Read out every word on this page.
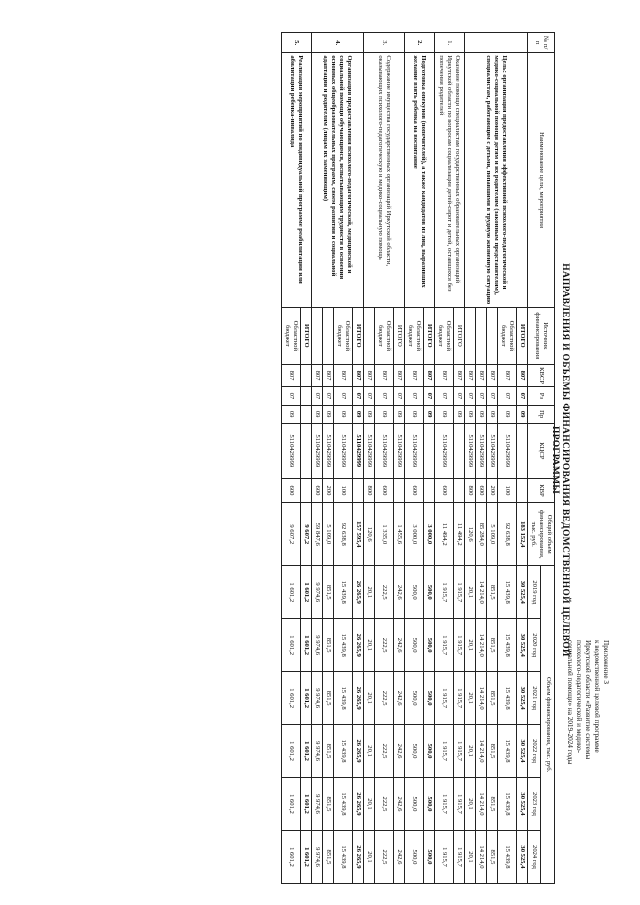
Приложение 3
к ведомственной целевой программе
Иркутской области «Развитие системы
психолого-педагогической и медико-
социальной помощи» на 2019-2024 годы
НАПРАВЛЕНИЯ И ОБЪЕМЫ ФИНАНСИРОВАНИЯ ВЕДОМСТВЕННОЙ ЦЕЛЕВОЙ ПРОГРАММЫ
№ п/п	Наименование цели, мероприятия	Источник финансирования	КВСР	Рз	Пр	КЦСР	КВР	Общий объем финансирования, тыс. руб.	Объем финансирования, тыс. руб.					
									2019 год	2020 год	2021 год	2022 год	2023 год	2024 год
	Цель: организация предоставления эффективной психолого-педагогической и медико-социальной помощи детям и их родителям (законным представителям), специалистам, работающим с детьми, попавшими в трудную жизненную ситуацию	ИТОГО	807	07	09			183 152,4	30 525,4	30 525,4	30 525,4	30 525,4	30 525,4	30 525,4
		Областной бюджет	807	07	09	5110429999	100	92 638,8	15 439,8	15 439,8	15 439,8	15 439,8	15 439,8	15 439,8
			807	07	09	5110429999	200	5 109,0	851,5	851,5	851,5	851,5	851,5	851,5
			807	07	09	5110429999	600	85 284,0	14 214,0	14 214,0	14 214,0	14 214,0	14 214,0	14 214,0
			807	07	09	5110429999	800	120,6	20,1	20,1	20,1	20,1	20,1	20,1
1.	Оказание помощи специалистам государственных образовательных организаций Иркутской области по вопросам социализации детей-сирот и детей, оставшихся без попечения родителей	ИТОГО	807	07	09			11 494,2	1 915,7	1 915,7	1 915,7	1 915,7	1 915,7	1 915,7
		Областной бюджет	807	07	09	5110429999	600	11 494,2	1 915,7	1 915,7	1 915,7	1 915,7	1 915,7	1 915,7
2.	Подготовка опекунов (попечителей), а также кандидатов из лиц, выразивших желание взять ребенка на воспитание	ИТОГО	807	07	09			3 000,0	500,0	500,0	500,0	500,0	500,0	500,0
		Областной бюджет	807	07	09	5110429999	600	3 000,0	500,0	500,0	500,0	500,0	500,0	500,0
3.	Содержание имущества государственных организаций Иркутской области, оказывающих психолого-педагогическую и медико-социальную помощь	ИТОГО	807	07	09	5110429999		1 455,6	242,6	242,6	242,6	242,6	242,6	242,6
		Областной бюджет	807	07	09	5110429999	600	1 335,0	222,5	222,5	222,5	222,5	222,5	222,5
			807	07	09	5110429999	800	120,6	20,1	20,1	20,1	20,1	20,1	20,1
4.	Организация предоставления психолого-педагогической, медицинской и социальной помощи обучающимся, испытывающим трудности в освоении основных общеобразовательных программ, своем развитии и социальной адаптации и родителям (лицам их заменяющим)	ИТОГО	807	07	09	5110429999		157 595,4	26 265,9	26 265,9	26 265,9	26 265,9	26 265,9	26 265,9
		Областной бюджет	807	07	09	5110429999	100	92 638,8	15 439,8	15 439,8	15 439,8	15 439,8	15 439,8	15 439,8
			807	07	09	5110429999	200	5 109,0	851,5	851,5	851,5	851,5	851,5	851,5
			807	07	09	5110429999	600	59 847,6	9 974,6	9 974,6	9 974,6	9 974,6	9 974,6	9 974,6
5.	Реализация мероприятий по индивидуальной программе реабилитации или абилитации ребенка-инвалида	ИТОГО						9 607,2	1 601,2	1 601,2	1 601,2	1 601,2	1 601,2	1 601,2
		Областной бюджет	807	07	09	5110429999	600	9 607,2	1 601,2	1 601,2	1 601,2	1 601,2	1 601,2	1 601,2
